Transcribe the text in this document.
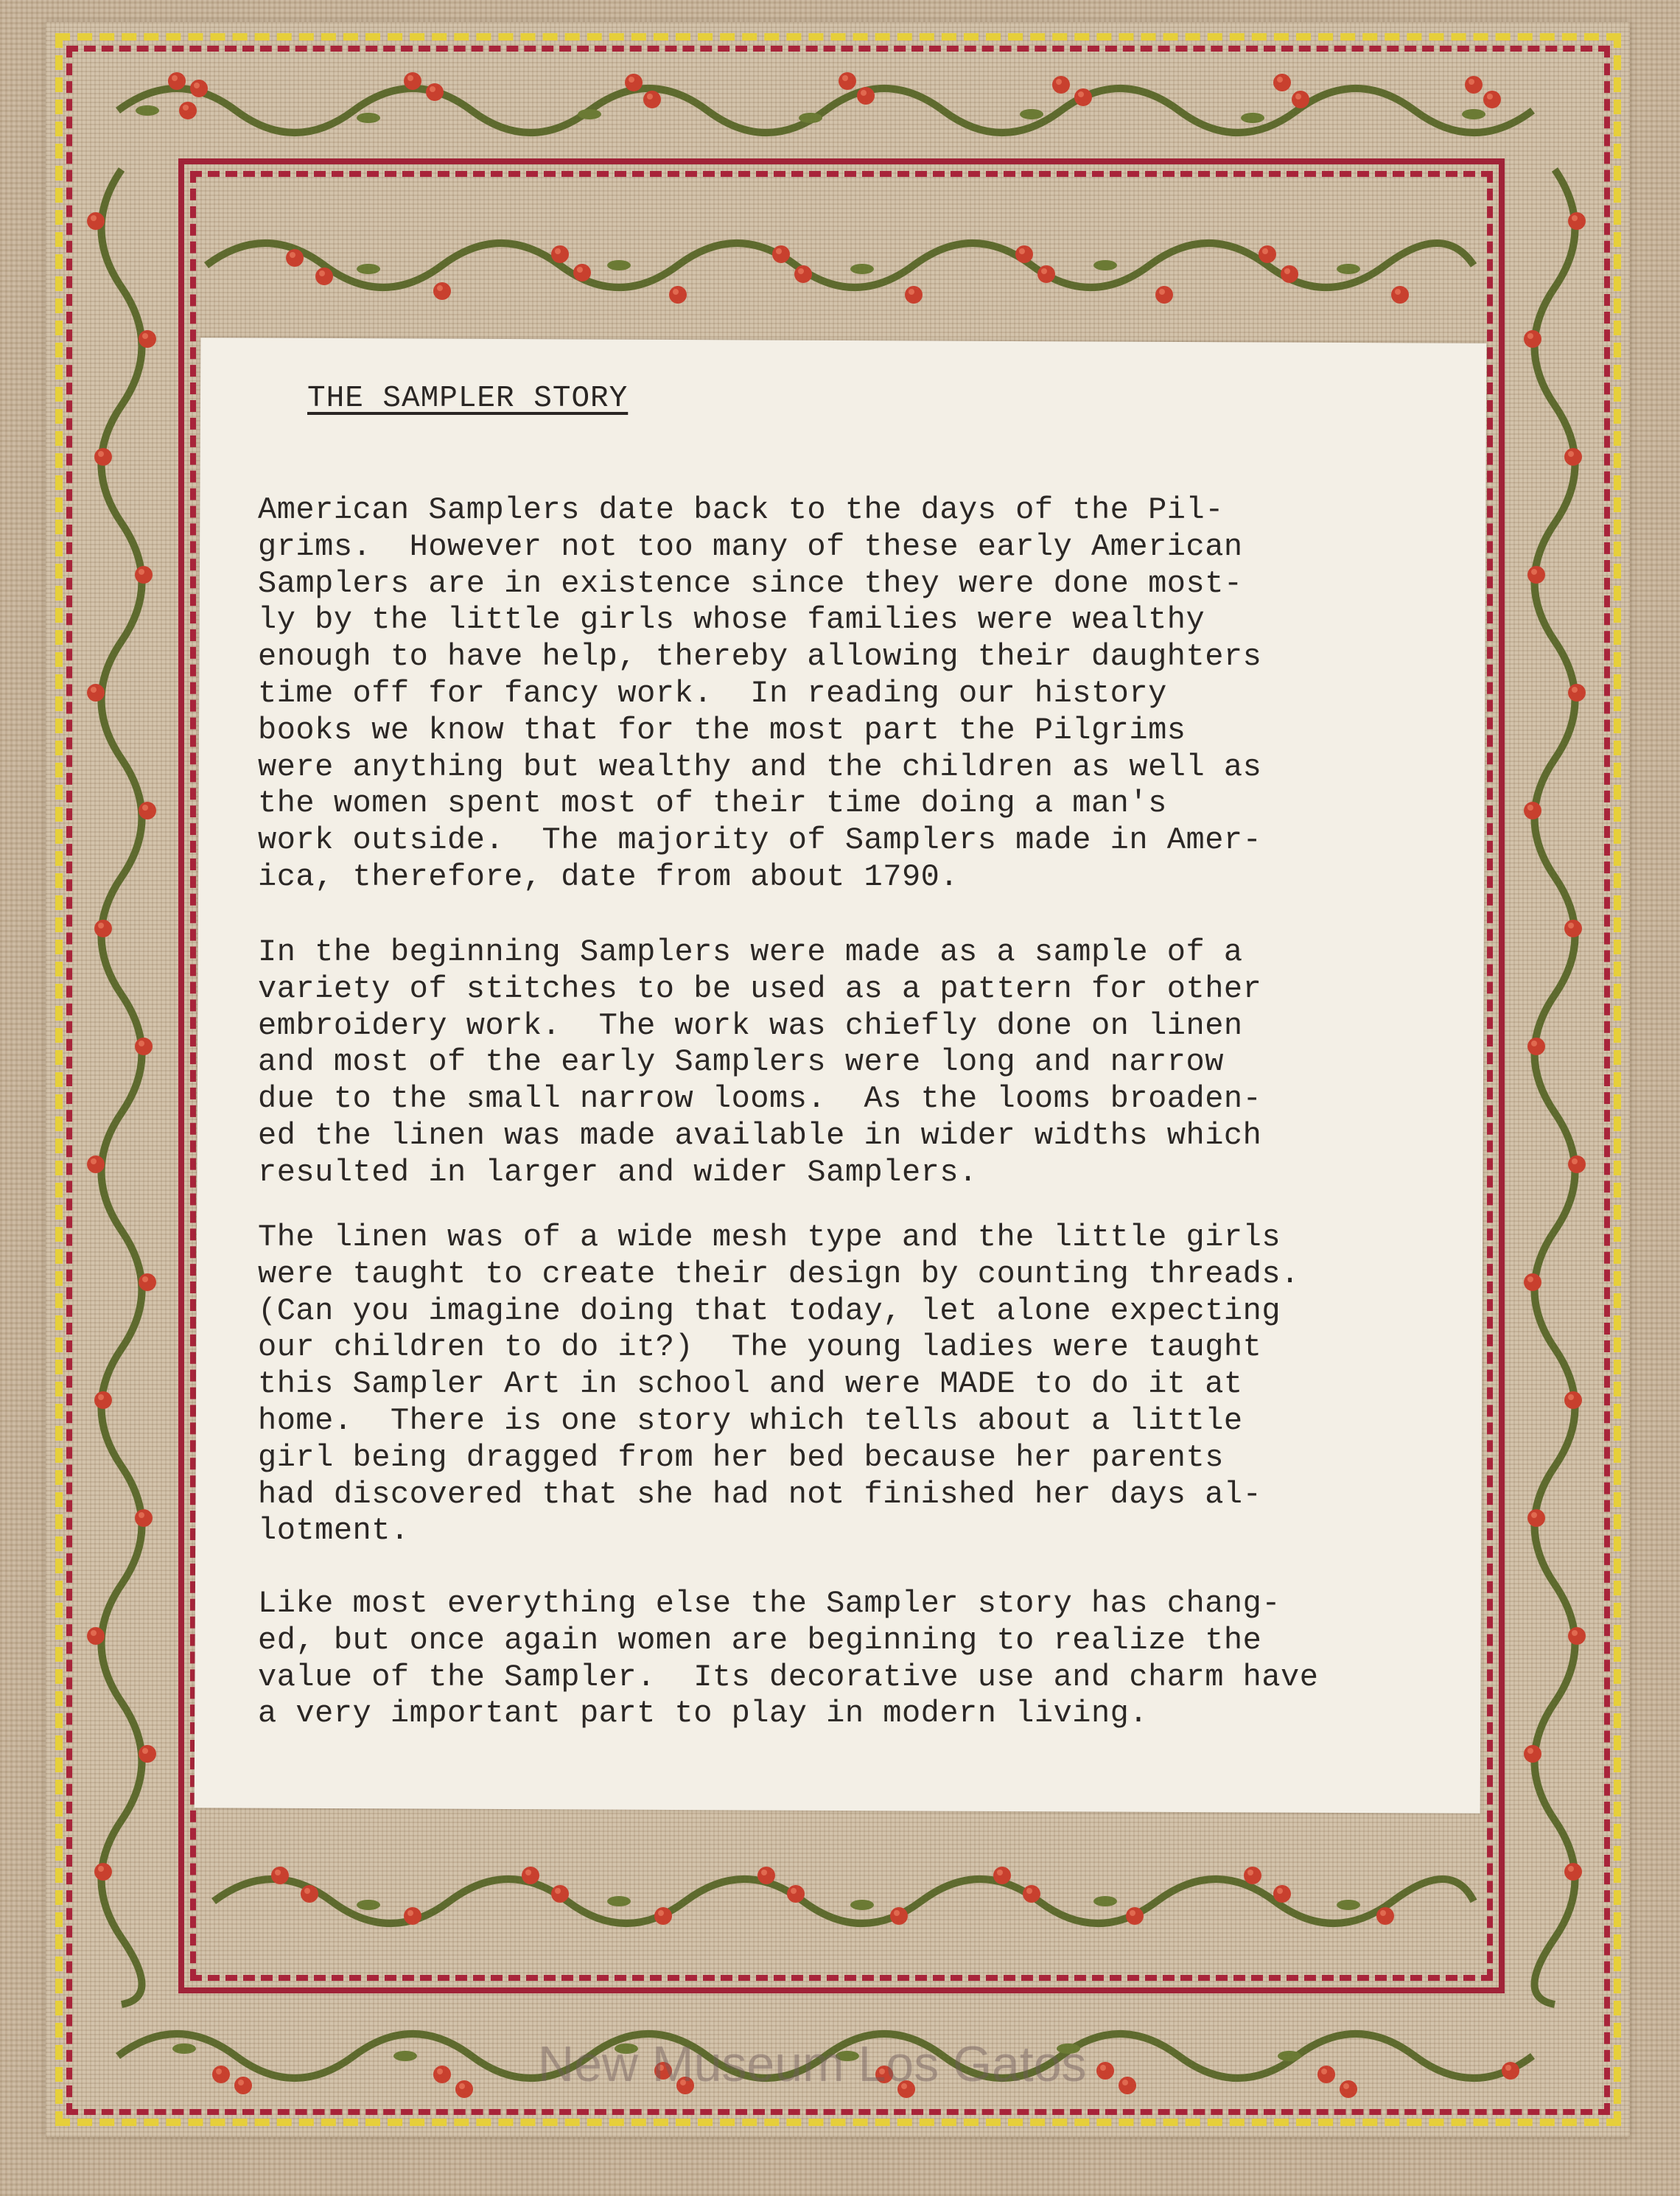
THE SAMPLER STORY
American Samplers date back to the days of the Pil-
grims.  However not too many of these early American
Samplers are in existence since they were done most-
ly by the little girls whose families were wealthy
enough to have help, thereby allowing their daughters
time off for fancy work.  In reading our history
books we know that for the most part the Pilgrims
were anything but wealthy and the children as well as
the women spent most of their time doing a man's
work outside.  The majority of Samplers made in Amer-
ica, therefore, date from about 1790.
In the beginning Samplers were made as a sample of a
variety of stitches to be used as a pattern for other
embroidery work.  The work was chiefly done on linen
and most of the early Samplers were long and narrow
due to the small narrow looms.  As the looms broaden-
ed the linen was made available in wider widths which
resulted in larger and wider Samplers.
The linen was of a wide mesh type and the little girls
were taught to create their design by counting threads.
(Can you imagine doing that today, let alone expecting
our children to do it?)  The young ladies were taught
this Sampler Art in school and were MADE to do it at
home.  There is one story which tells about a little
girl being dragged from her bed because her parents
had discovered that she had not finished her days al-
lotment.
Like most everything else the Sampler story has chang-
ed, but once again women are beginning to realize the
value of the Sampler.  Its decorative use and charm have
a very important part to play in modern living.
New Museum Los Gatos
